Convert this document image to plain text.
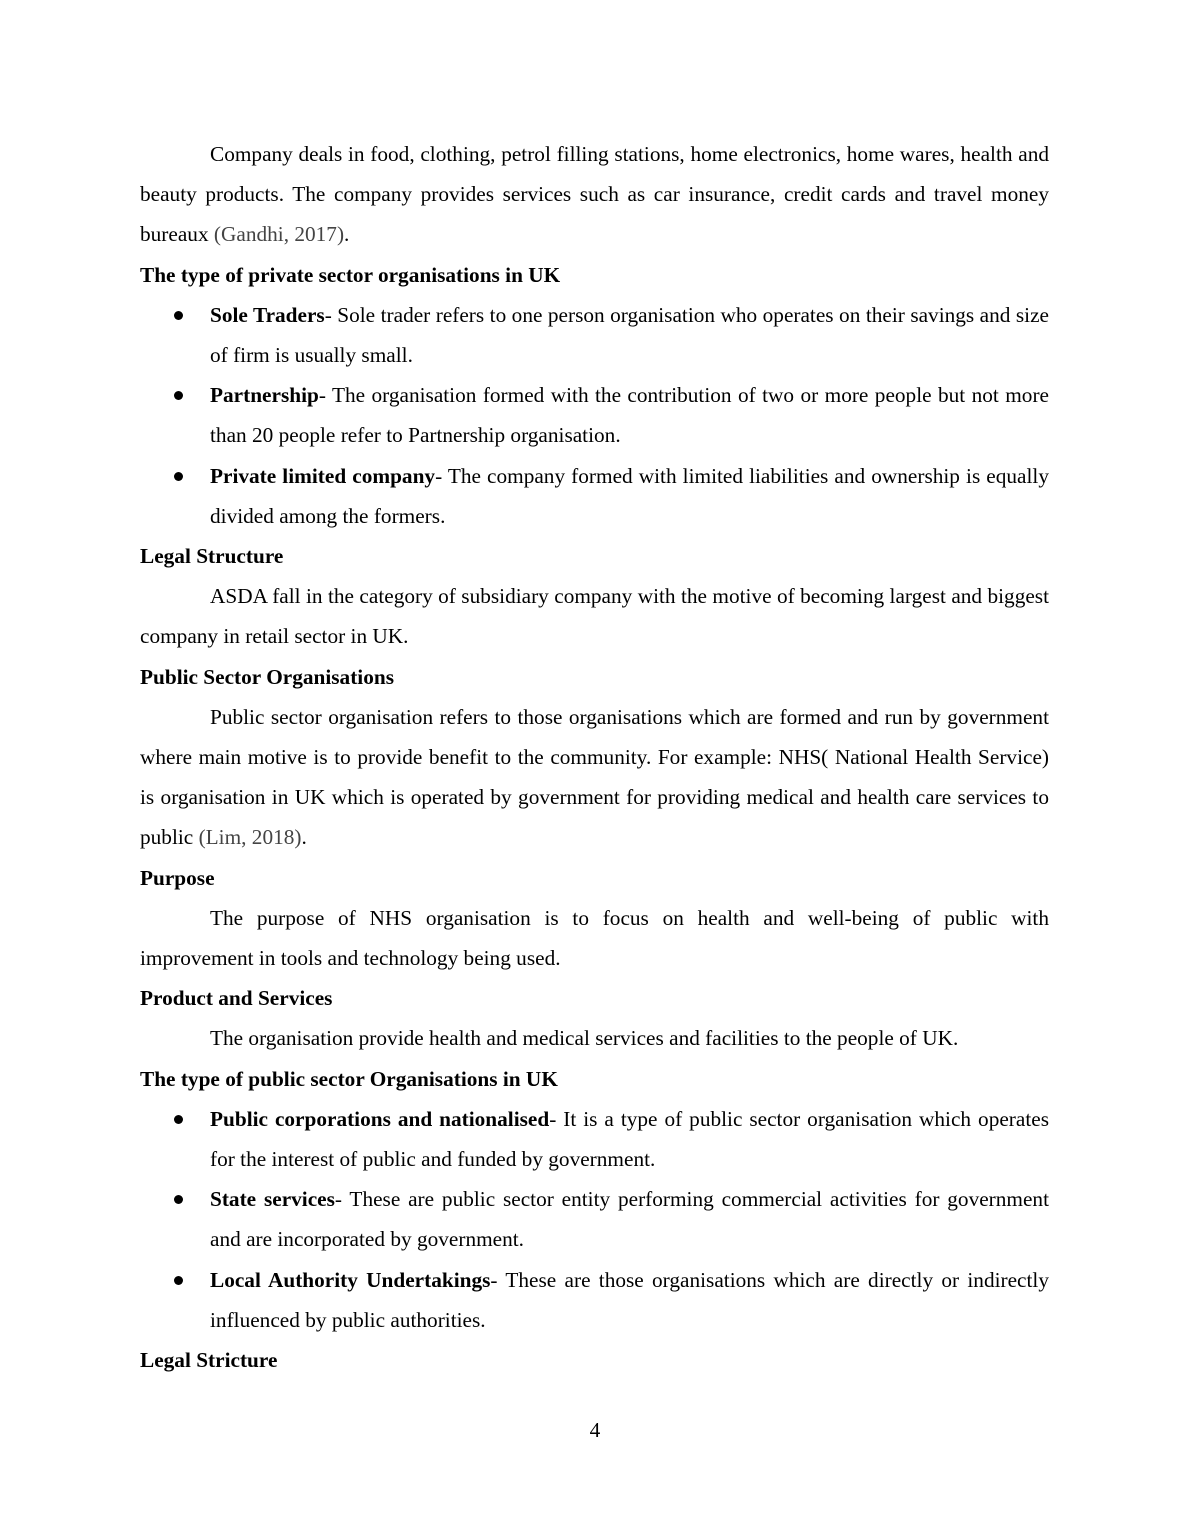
Company deals in food, clothing, petrol filling stations, home electronics, home wares, health and beauty products. The company provides services such as car insurance, credit cards and travel money bureaux (Gandhi, 2017).

The type of private sector organisations in UK

Sole Traders- Sole trader refers to one person organisation who operates on their savings and size of firm is usually small.

Partnership- The organisation formed with the contribution of two or more people but not more than 20 people refer to Partnership organisation.

Private limited company- The company formed with limited liabilities and ownership is equally divided among the formers.

Legal Structure

ASDA fall in the category of subsidiary company with the motive of becoming largest and biggest company in retail sector in UK.

Public Sector Organisations

Public sector organisation refers to those organisations which are formed and run by government where main motive is to provide benefit to the community. For example: NHS( National Health Service) is organisation in UK which is operated by government for providing medical and health care services to public (Lim, 2018).

Purpose

The purpose of NHS organisation is to focus on health and well-being of public with improvement in tools and technology being used.

Product and Services

The organisation provide health and medical services and facilities to the people of UK.

The type of public sector Organisations in UK

Public corporations and nationalised- It is a type of public sector organisation which operates for the interest of public and funded by government.

State services- These are public sector entity performing commercial activities for government and are incorporated by government.

Local Authority Undertakings- These are those organisations which are directly or indirectly influenced by public authorities.

Legal Stricture

4
